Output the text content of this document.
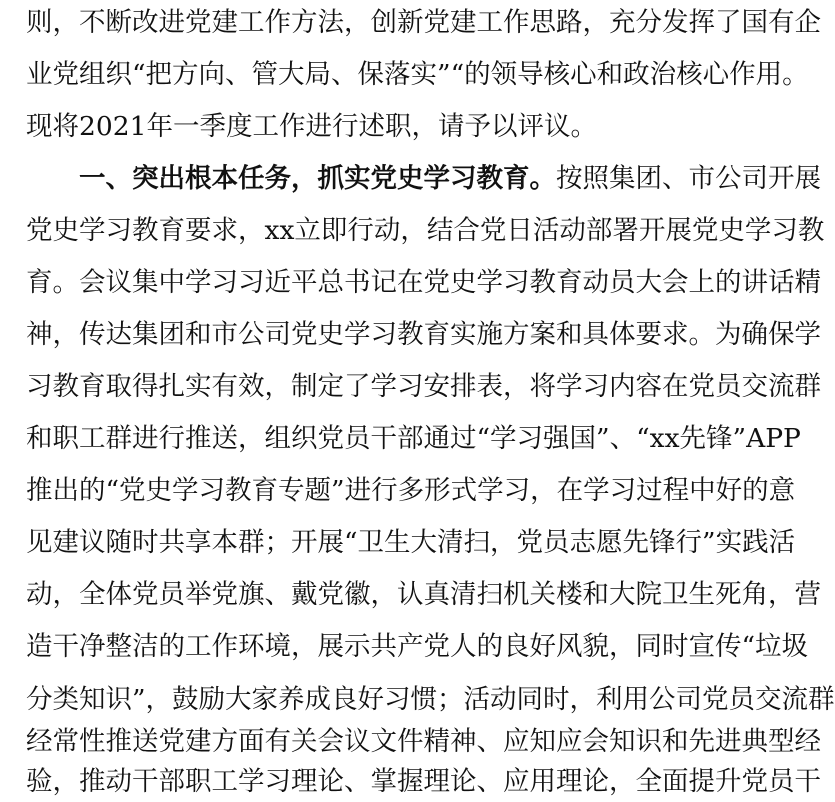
则，不断改进党建工作方法，创新党建工作思路，充分发挥了国有企
业党组织“把方向、管大局、保落实”“的领导核心和政治核心作用。
现将2021年一季度工作进行述职，请予以评议。
一、突出根本任务，抓实党史学习教育。按照集团、市公司开展
党史学习教育要求，xx立即行动，结合党日活动部署开展党史学习教
育。会议集中学习习近平总书记在党史学习教育动员大会上的讲话精
神，传达集团和市公司党史学习教育实施方案和具体要求。为确保学
习教育取得扎实有效，制定了学习安排表，将学习内容在党员交流群
和职工群进行推送，组织党员干部通过“学习强国”、“xx先锋”APP
推出的“党史学习教育专题”进行多形式学习，在学习过程中好的意
见建议随时共享本群；开展“卫生大清扫，党员志愿先锋行”实践活
动，全体党员举党旗、戴党徽，认真清扫机关楼和大院卫生死角，营
造干净整洁的工作环境，展示共产党人的良好风貌，同时宣传“垃圾
分类知识”，鼓励大家养成良好习惯；活动同时，利用公司党员交流群
经常性推送党建方面有关会议文件精神、应知应会知识和先进典型经
验，推动干部职工学习理论、掌握理论、应用理论，全面提升党员干
